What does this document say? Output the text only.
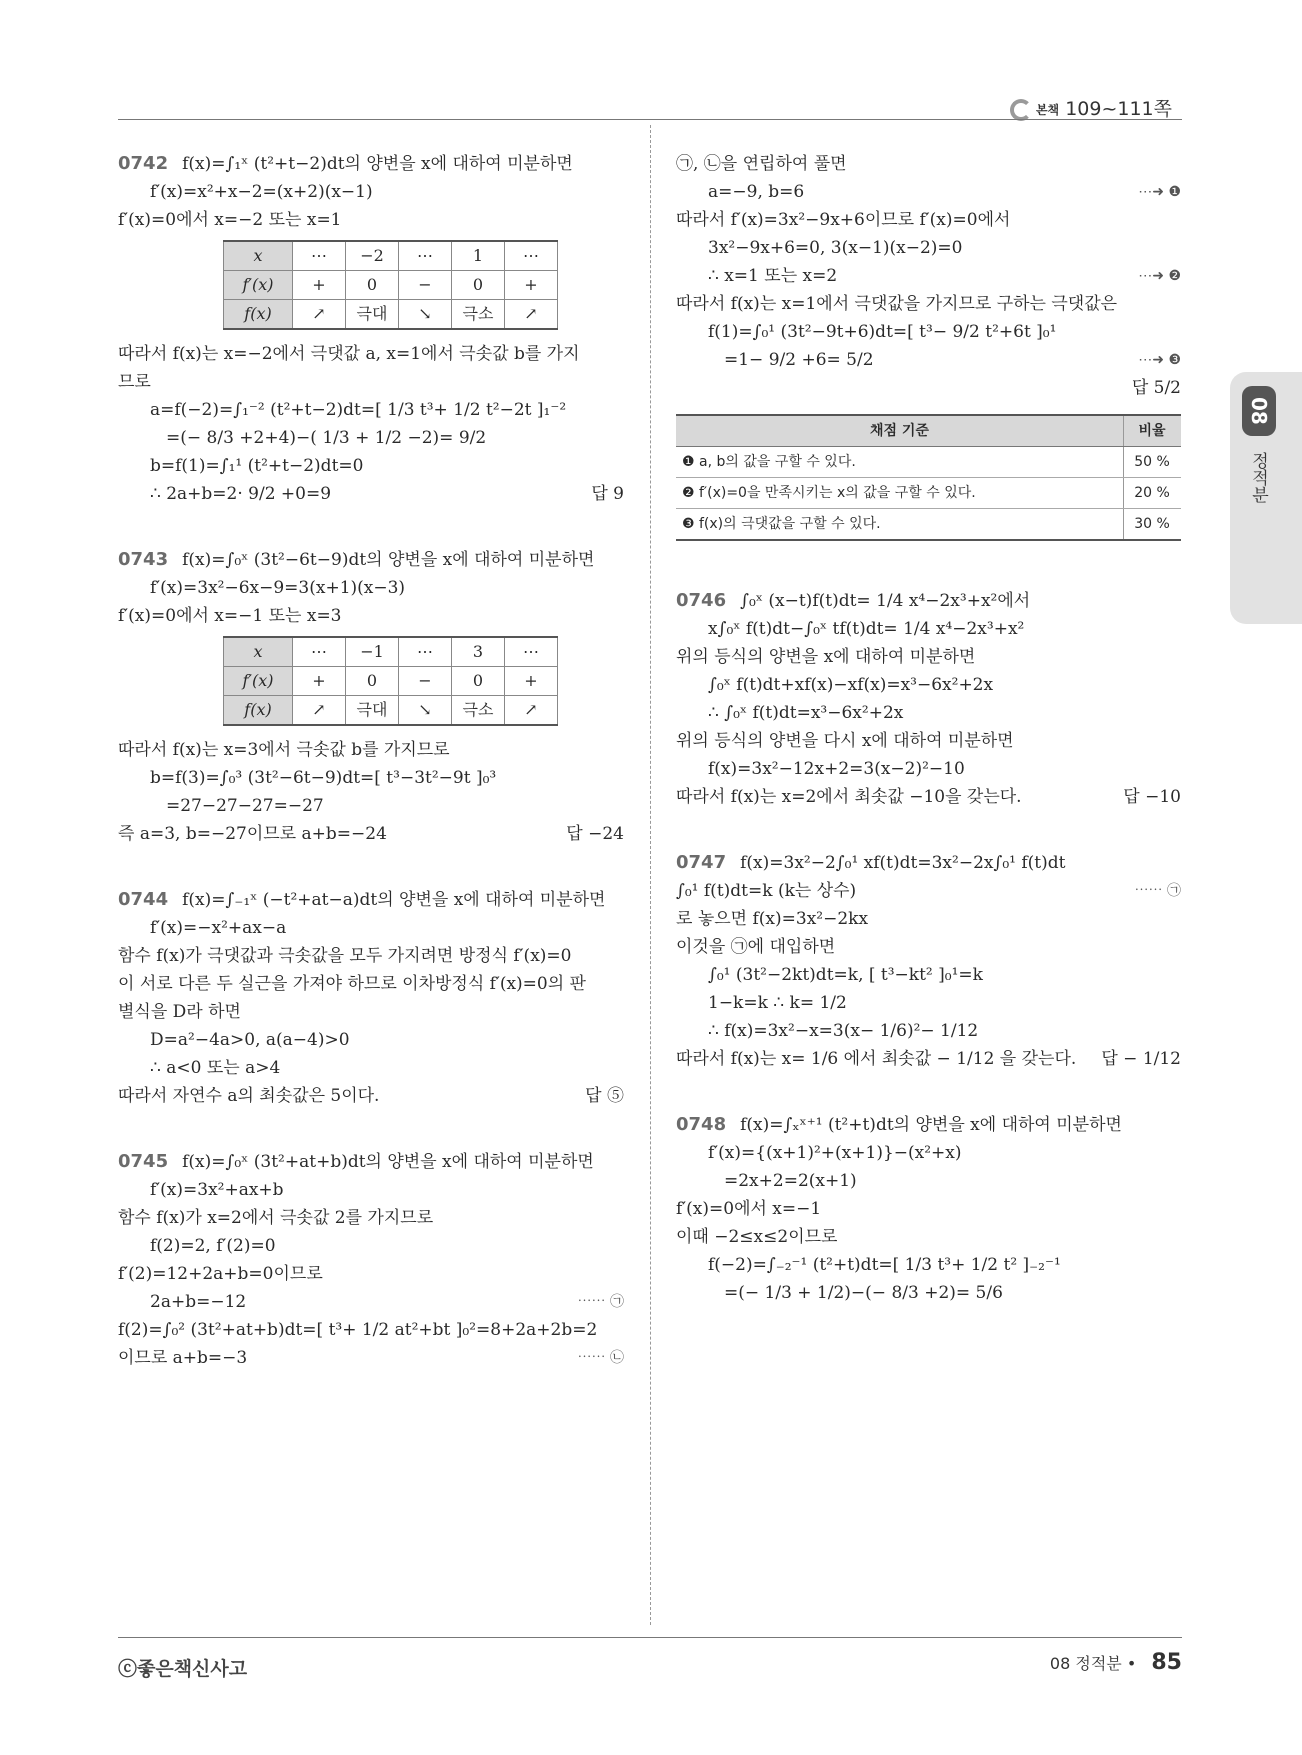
본책 109~111쪽
08
정적분
0742 f(x)=∫₁ˣ (t²+t−2)dt의 양변을 x에 대하여 미분하면
f′(x)=x²+x−2=(x+2)(x−1)
f′(x)=0에서 x=−2 또는 x=1
x	⋯	−2	⋯	1	⋯
f′(x)	+	0	−	0	+
f(x)	↗	극대	↘	극소	↗
따라서 f(x)는 x=−2에서 극댓값 a, x=1에서 극솟값 b를 가지
므로
a=f(−2)=∫₁⁻² (t²+t−2)dt=[ 1/3 t³+ 1/2 t²−2t ]₁⁻²
=(− 8/3 +2+4)−( 1/3 + 1/2 −2)= 9/2
b=f(1)=∫₁¹ (t²+t−2)dt=0
∴ 2a+b=2· 9/2 +0=9	답 9
0743 f(x)=∫₀ˣ (3t²−6t−9)dt의 양변을 x에 대하여 미분하면
f′(x)=3x²−6x−9=3(x+1)(x−3)
f′(x)=0에서 x=−1 또는 x=3
x	⋯	−1	⋯	3	⋯
f′(x)	+	0	−	0	+
f(x)	↗	극대	↘	극소	↗
따라서 f(x)는 x=3에서 극솟값 b를 가지므로
b=f(3)=∫₀³ (3t²−6t−9)dt=[ t³−3t²−9t ]₀³
=27−27−27=−27
즉 a=3, b=−27이므로 a+b=−24	답 −24
0744 f(x)=∫₋₁ˣ (−t²+at−a)dt의 양변을 x에 대하여 미분하면
f′(x)=−x²+ax−a
함수 f(x)가 극댓값과 극솟값을 모두 가지려면 방정식 f′(x)=0
이 서로 다른 두 실근을 가져야 하므로 이차방정식 f′(x)=0의 판
별식을 D라 하면
D=a²−4a>0, a(a−4)>0
∴ a<0 또는 a>4
따라서 자연수 a의 최솟값은 5이다.	답 ⑤
0745 f(x)=∫₀ˣ (3t²+at+b)dt의 양변을 x에 대하여 미분하면
f′(x)=3x²+ax+b
함수 f(x)가 x=2에서 극솟값 2를 가지므로
f(2)=2, f′(2)=0
f′(2)=12+2a+b=0이므로
2a+b=−12	⋯⋯ ㉠
f(2)=∫₀² (3t²+at+b)dt=[ t³+ 1/2 at²+bt ]₀²=8+2a+2b=2
이므로 a+b=−3	⋯⋯ ㉡
㉠, ㉡을 연립하여 풀면
a=−9, b=6	⋯➜ ❶
따라서 f′(x)=3x²−9x+6이므로 f′(x)=0에서
3x²−9x+6=0, 3(x−1)(x−2)=0
∴ x=1 또는 x=2	⋯➜ ❷
따라서 f(x)는 x=1에서 극댓값을 가지므로 구하는 극댓값은
f(1)=∫₀¹ (3t²−9t+6)dt=[ t³− 9/2 t²+6t ]₀¹
=1− 9/2 +6= 5/2	⋯➜ ❸
답 5/2
채점 기준	비율
❶ a, b의 값을 구할 수 있다.	50 %
❷ f′(x)=0을 만족시키는 x의 값을 구할 수 있다.	20 %
❸ f(x)의 극댓값을 구할 수 있다.	30 %
0746 ∫₀ˣ (x−t)f(t)dt= 1/4 x⁴−2x³+x²에서
x∫₀ˣ f(t)dt−∫₀ˣ tf(t)dt= 1/4 x⁴−2x³+x²
위의 등식의 양변을 x에 대하여 미분하면
∫₀ˣ f(t)dt+xf(x)−xf(x)=x³−6x²+2x
∴ ∫₀ˣ f(t)dt=x³−6x²+2x
위의 등식의 양변을 다시 x에 대하여 미분하면
f(x)=3x²−12x+2=3(x−2)²−10
따라서 f(x)는 x=2에서 최솟값 −10을 갖는다.	답 −10
0747 f(x)=3x²−2∫₀¹ xf(t)dt=3x²−2x∫₀¹ f(t)dt
∫₀¹ f(t)dt=k (k는 상수)	⋯⋯ ㉠
로 놓으면 f(x)=3x²−2kx
이것을 ㉠에 대입하면
∫₀¹ (3t²−2kt)dt=k, [ t³−kt² ]₀¹=k
1−k=k ∴ k= 1/2
∴ f(x)=3x²−x=3(x− 1/6)²− 1/12
따라서 f(x)는 x= 1/6 에서 최솟값 − 1/12 을 갖는다. 답 − 1/12
0748 f(x)=∫ₓˣ⁺¹ (t²+t)dt의 양변을 x에 대하여 미분하면
f′(x)={(x+1)²+(x+1)}−(x²+x)
=2x+2=2(x+1)
f′(x)=0에서 x=−1
이때 −2≤x≤2이므로
f(−2)=∫₋₂⁻¹ (t²+t)dt=[ 1/3 t³+ 1/2 t² ]₋₂⁻¹
=(− 1/3 + 1/2)−(− 8/3 +2)= 5/6
ⓒ좋은책신사고	08 정적분 • 85
